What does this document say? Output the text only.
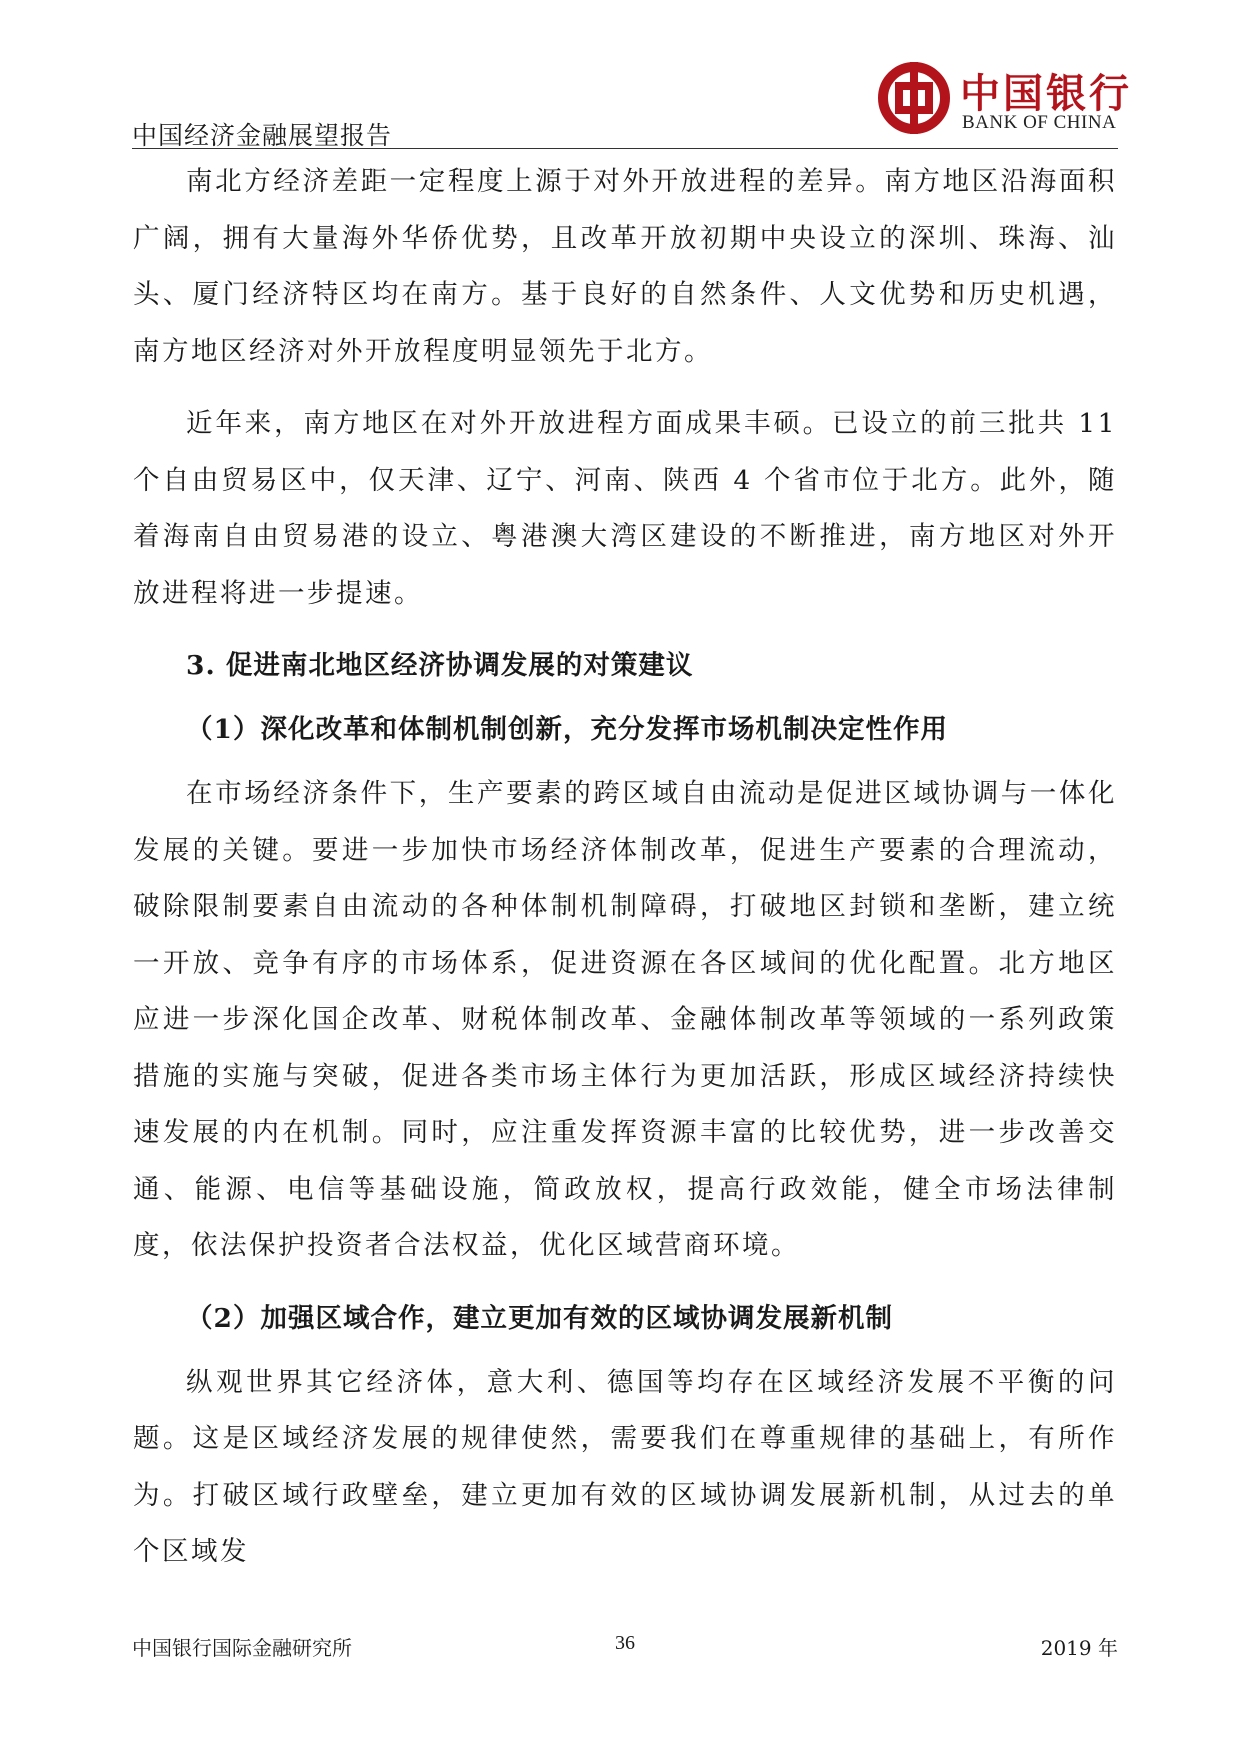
中国经济金融展望报告
中国银行
BANK OF CHINA

南北方经济差距一定程度上源于对外开放进程的差异。南方地区沿海面积广阔，拥有大量海外华侨优势，且改革开放初期中央设立的深圳、珠海、汕头、厦门经济特区均在南方。基于良好的自然条件、人文优势和历史机遇，南方地区经济对外开放程度明显领先于北方。

近年来，南方地区在对外开放进程方面成果丰硕。已设立的前三批共 11 个自由贸易区中，仅天津、辽宁、河南、陕西 4 个省市位于北方。此外，随着海南自由贸易港的设立、粤港澳大湾区建设的不断推进，南方地区对外开放进程将进一步提速。

3. 促进南北地区经济协调发展的对策建议
（1）深化改革和体制机制创新，充分发挥市场机制决定性作用

在市场经济条件下，生产要素的跨区域自由流动是促进区域协调与一体化发展的关键。要进一步加快市场经济体制改革，促进生产要素的合理流动，破除限制要素自由流动的各种体制机制障碍，打破地区封锁和垄断，建立统一开放、竞争有序的市场体系，促进资源在各区域间的优化配置。北方地区应进一步深化国企改革、财税体制改革、金融体制改革等领域的一系列政策措施的实施与突破，促进各类市场主体行为更加活跃，形成区域经济持续快速发展的内在机制。同时，应注重发挥资源丰富的比较优势，进一步改善交通、能源、电信等基础设施，简政放权，提高行政效能，健全市场法律制度，依法保护投资者合法权益，优化区域营商环境。

（2）加强区域合作，建立更加有效的区域协调发展新机制

纵观世界其它经济体，意大利、德国等均存在区域经济发展不平衡的问题。这是区域经济发展的规律使然，需要我们在尊重规律的基础上，有所作为。打破区域行政壁垒，建立更加有效的区域协调发展新机制，从过去的单个区域发

中国银行国际金融研究所	36	2019 年
